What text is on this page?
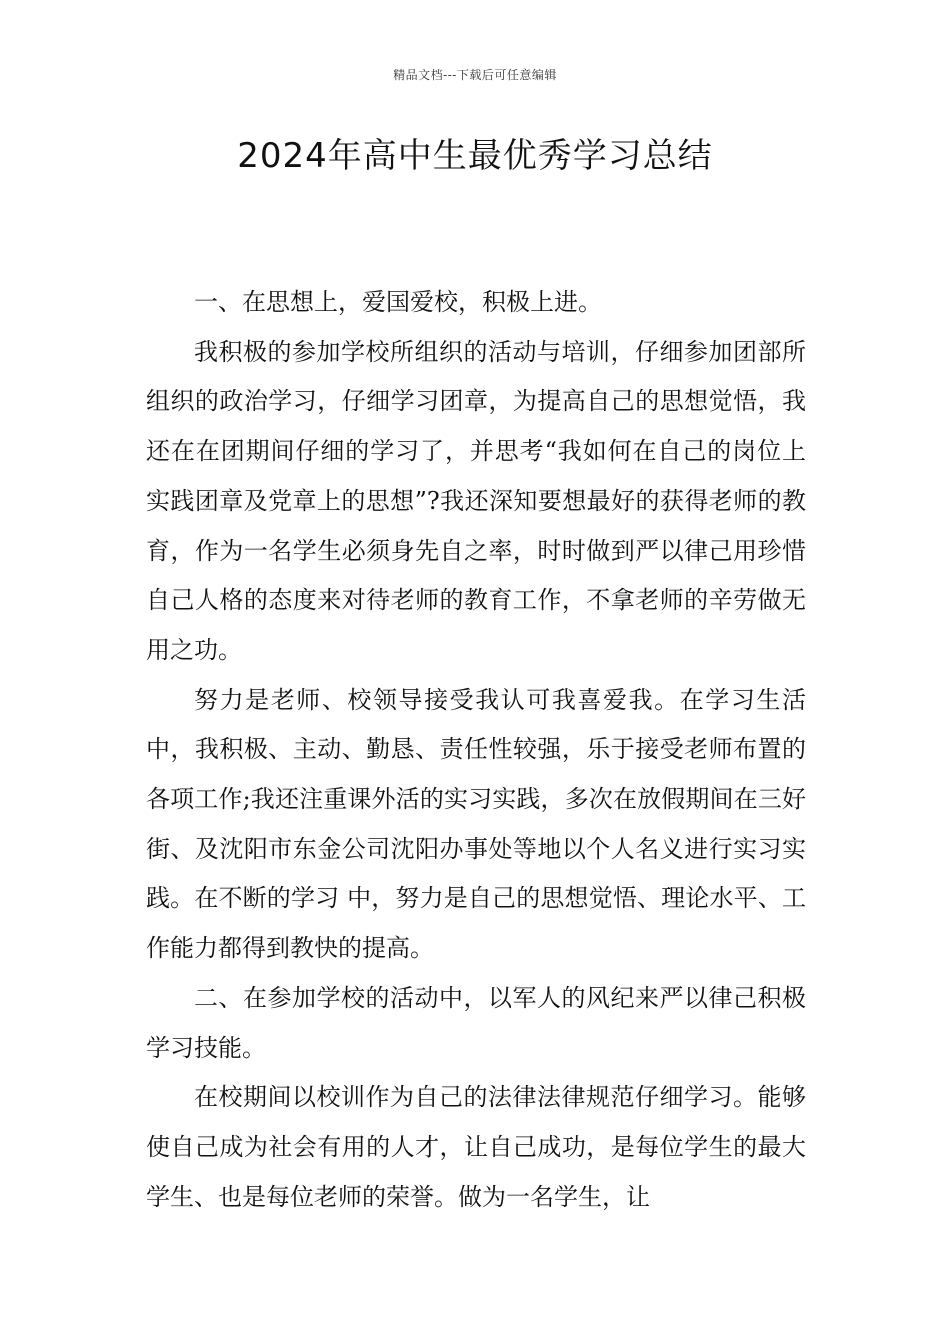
精品文档---下载后可任意编辑
2024年高中生最优秀学习总结

一、在思想上，爱国爱校，积极上进。

我积极的参加学校所组织的活动与培训，仔细参加团部所组织的政治学习，仔细学习团章，为提高自己的思想觉悟，我还在在团期间仔细的学习了，并思考“我如何在自己的岗位上实践团章及党章上的思想”?我还深知要想最好的获得老师的教育，作为一名学生必须身先自之率，时时做到严以律己用珍惜自己人格的态度来对待老师的教育工作，不拿老师的辛劳做无用之功。

努力是老师、校领导接受我认可我喜爱我。在学习生活中，我积极、主动、勤恳、责任性较强，乐于接受老师布置的各项工作;我还注重课外活的实习实践，多次在放假期间在三好街、及沈阳市东金公司沈阳办事处等地以个人名义进行实习实践。在不断的学习 中，努力是自己的思想觉悟、理论水平、工作能力都得到教快的提高。

二、在参加学校的活动中，以军人的风纪来严以律己积极学习技能。

在校期间以校训作为自己的法律法律规范仔细学习。能够使自己成为社会有用的人才，让自己成功，是每位学生的最大学生、也是每位老师的荣誉。做为一名学生，让
